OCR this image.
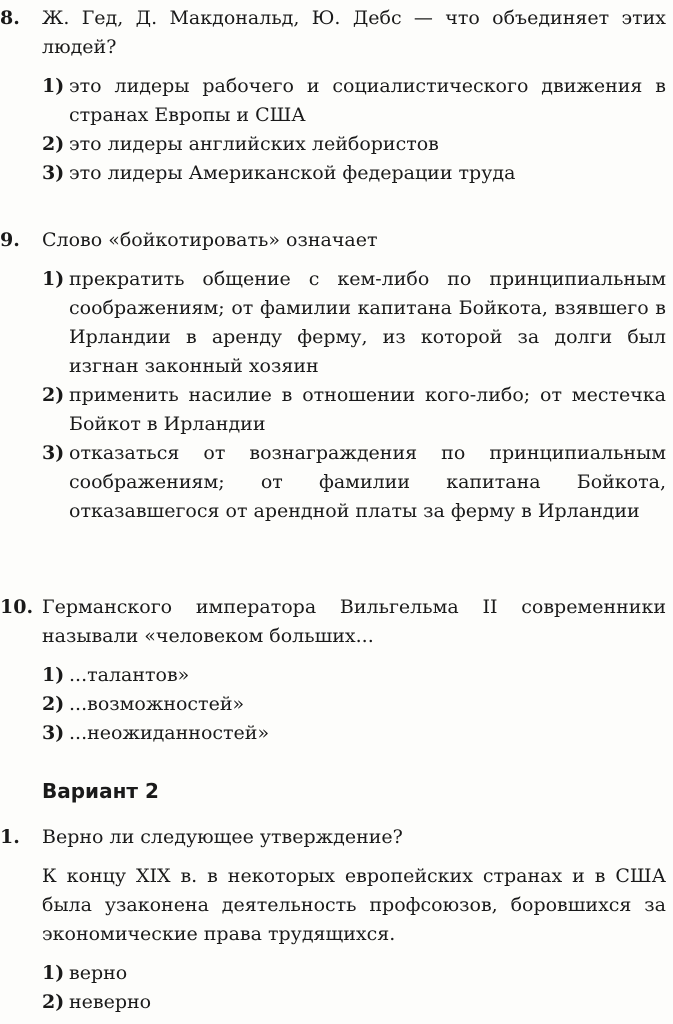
8. Ж. Гед, Д. Макдональд, Ю. Дебс — что объединяет этих людей?
1) это лидеры рабочего и социалистического движения в странах Европы и США
2) это лидеры английских лейбористов
3) это лидеры Американской федерации труда
9. Слово «бойкотировать» означает
1) прекратить общение с кем-либо по принципиальным соображениям; от фамилии капитана Бойкота, взявшего в Ирландии в аренду ферму, из которой за долги был изгнан законный хозяин
2) применить насилие в отношении кого-либо; от местечка Бойкот в Ирландии
3) отказаться от вознаграждения по принципиальным соображениям; от фамилии капитана Бойкота, отказавшегося от арендной платы за ферму в Ирландии
10. Германского императора Вильгельма II современники называли «человеком больших...
1) ...талантов»
2) ...возможностей»
3) ...неожиданностей»
Вариант 2
1. Верно ли следующее утверждение?
К концу XIX в. в некоторых европейских странах и в США была узаконена деятельность профсоюзов, боровшихся за экономические права трудящихся.
1) верно
2) неверно
